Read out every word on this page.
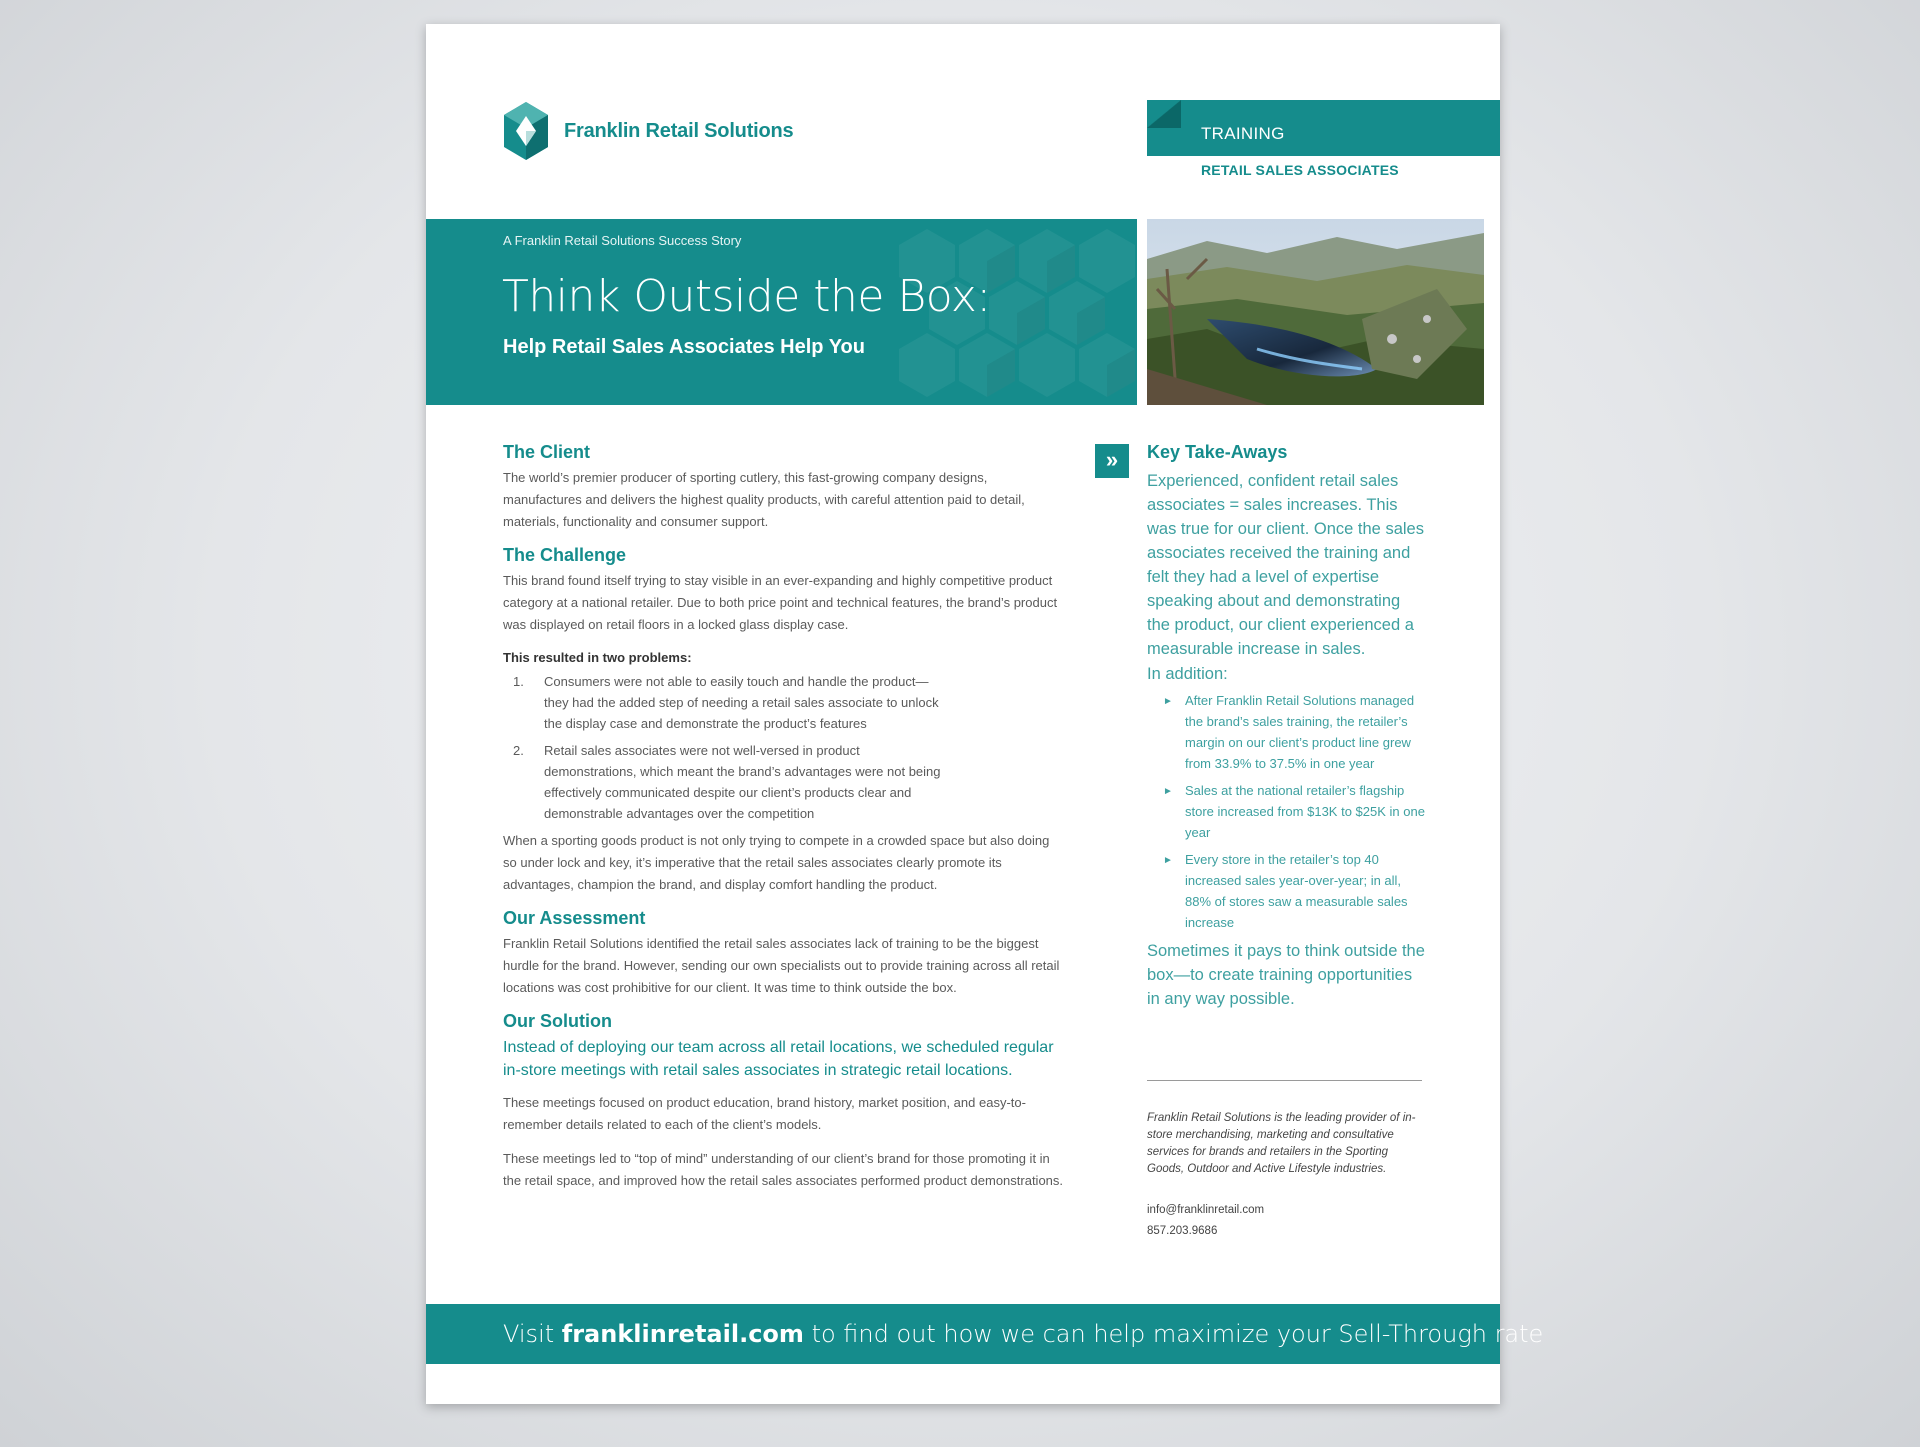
Franklin Retail Solutions	TRAINING
RETAIL SALES ASSOCIATES
A Franklin Retail Solutions Success Story
Think Outside the Box:
Help Retail Sales Associates Help You
The Client

The world’s premier producer of sporting cutlery, this fast-growing company designs, manufactures and delivers the highest quality products, with careful attention paid to detail, materials, functionality and consumer support.

The Challenge

This brand found itself trying to stay visible in an ever-expanding and highly competitive product category at a national retailer. Due to both price point and technical features, the brand’s product was displayed on retail floors in a locked glass display case.

This resulted in two problems:
1. Consumers were not able to easily touch and handle the product—they had the added step of needing a retail sales associate to unlock the display case and demonstrate the product’s features
2. Retail sales associates were not well-versed in product demonstrations, which meant the brand’s advantages were not being effectively communicated despite our client’s products clear and demonstrable advantages over the competition

When a sporting goods product is not only trying to compete in a crowded space but also doing so under lock and key, it’s imperative that the retail sales associates clearly promote its advantages, champion the brand, and display comfort handling the product.

Our Assessment

Franklin Retail Solutions identified the retail sales associates lack of training to be the biggest hurdle for the brand. However, sending our own specialists out to provide training across all retail locations was cost prohibitive for our client. It was time to think outside the box.

Our Solution

Instead of deploying our team across all retail locations, we scheduled regular in-store meetings with retail sales associates in strategic retail locations.

These meetings focused on product education, brand history, market position, and easy-to-remember details related to each of the client’s models.

These meetings led to “top of mind” understanding of our client’s brand for those promoting it in the retail space, and improved how the retail sales associates performed product demonstrations.

»	Key Take-Aways

Experienced, confident retail sales associates = sales increases. This was true for our client. Once the sales associates received the training and felt they had a level of expertise speaking about and demonstrating the product, our client experienced a measurable increase in sales.

In addition:
► After Franklin Retail Solutions managed the brand’s sales training, the retailer’s margin on our client’s product line grew from 33.9% to 37.5% in one year
► Sales at the national retailer’s flagship store increased from $13K to $25K in one year
► Every store in the retailer’s top 40 increased sales year-over-year; in all, 88% of stores saw a measurable sales increase

Sometimes it pays to think outside the box—to create training opportunities in any way possible.

Franklin Retail Solutions is the leading provider of in-store merchandising, marketing and consultative services for brands and retailers in the Sporting Goods, Outdoor and Active Lifestyle industries.
info@franklinretail.com
857.203.9686
Visit franklinretail.com to find out how we can help maximize your Sell-Through rate
